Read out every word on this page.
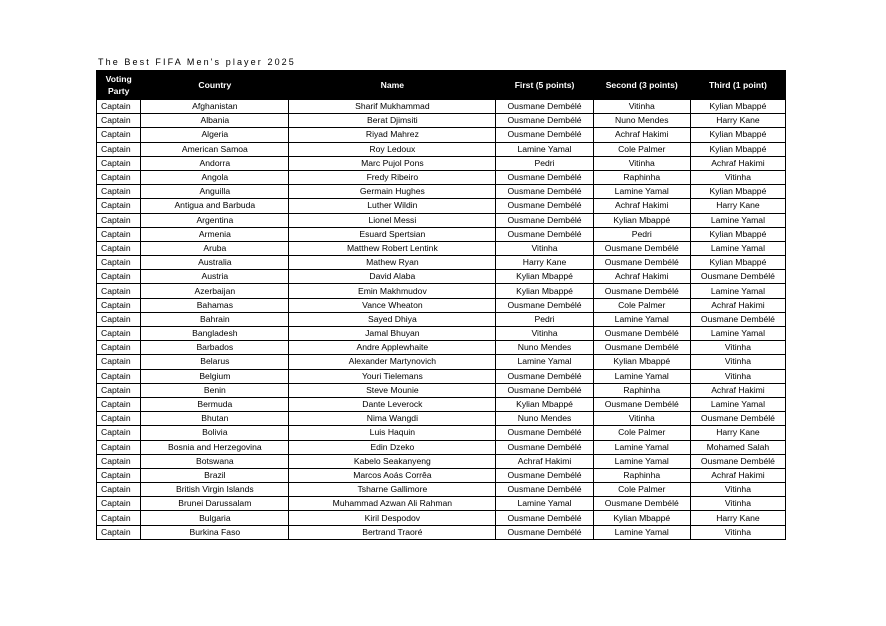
The Best FIFA Men's player 2025
Voting Party	Country	Name	First (5 points)	Second (3 points)	Third (1 point)
Captain	Afghanistan	Sharif Mukhammad	Ousmane Dembélé	Vitinha	Kylian Mbappé
Captain	Albania	Berat Djimsiti	Ousmane Dembélé	Nuno Mendes	Harry Kane
Captain	Algeria	Riyad Mahrez	Ousmane Dembélé	Achraf Hakimi	Kylian Mbappé
Captain	American Samoa	Roy Ledoux	Lamine Yamal	Cole Palmer	Kylian Mbappé
Captain	Andorra	Marc Pujol Pons	Pedri	Vitinha	Achraf Hakimi
Captain	Angola	Fredy Ribeiro	Ousmane Dembélé	Raphinha	Vitinha
Captain	Anguilla	Germain Hughes	Ousmane Dembélé	Lamine Yamal	Kylian Mbappé
Captain	Antigua and Barbuda	Luther Wildin	Ousmane Dembélé	Achraf Hakimi	Harry Kane
Captain	Argentina	Lionel Messi	Ousmane Dembélé	Kylian Mbappé	Lamine Yamal
Captain	Armenia	Esuard Spertsian	Ousmane Dembélé	Pedri	Kylian Mbappé
Captain	Aruba	Matthew Robert Lentink	Vitinha	Ousmane Dembélé	Lamine Yamal
Captain	Australia	Mathew Ryan	Harry Kane	Ousmane Dembélé	Kylian Mbappé
Captain	Austria	David Alaba	Kylian Mbappé	Achraf Hakimi	Ousmane Dembélé
Captain	Azerbaijan	Emin Makhmudov	Kylian Mbappé	Ousmane Dembélé	Lamine Yamal
Captain	Bahamas	Vance Wheaton	Ousmane Dembélé	Cole Palmer	Achraf Hakimi
Captain	Bahrain	Sayed Dhiya	Pedri	Lamine Yamal	Ousmane Dembélé
Captain	Bangladesh	Jamal Bhuyan	Vitinha	Ousmane Dembélé	Lamine Yamal
Captain	Barbados	Andre Applewhaite	Nuno Mendes	Ousmane Dembélé	Vitinha
Captain	Belarus	Alexander Martynovich	Lamine Yamal	Kylian Mbappé	Vitinha
Captain	Belgium	Youri Tielemans	Ousmane Dembélé	Lamine Yamal	Vitinha
Captain	Benin	Steve Mounie	Ousmane Dembélé	Raphinha	Achraf Hakimi
Captain	Bermuda	Dante Leverock	Kylian Mbappé	Ousmane Dembélé	Lamine Yamal
Captain	Bhutan	Nima Wangdi	Nuno Mendes	Vitinha	Ousmane Dembélé
Captain	Bolivia	Luis Haquin	Ousmane Dembélé	Cole Palmer	Harry Kane
Captain	Bosnia and Herzegovina	Edin Dzeko	Ousmane Dembélé	Lamine Yamal	Mohamed Salah
Captain	Botswana	Kabelo Seakanyeng	Achraf Hakimi	Lamine Yamal	Ousmane Dembélé
Captain	Brazil	Marcos Aoás Corrêa	Ousmane Dembélé	Raphinha	Achraf Hakimi
Captain	British Virgin Islands	Tsharne Gallimore	Ousmane Dembélé	Cole Palmer	Vitinha
Captain	Brunei Darussalam	Muhammad Azwan Ali Rahman	Lamine Yamal	Ousmane Dembélé	Vitinha
Captain	Bulgaria	Kiril Despodov	Ousmane Dembélé	Kylian Mbappé	Harry Kane
Captain	Burkina Faso	Bertrand Traoré	Ousmane Dembélé	Lamine Yamal	Vitinha
